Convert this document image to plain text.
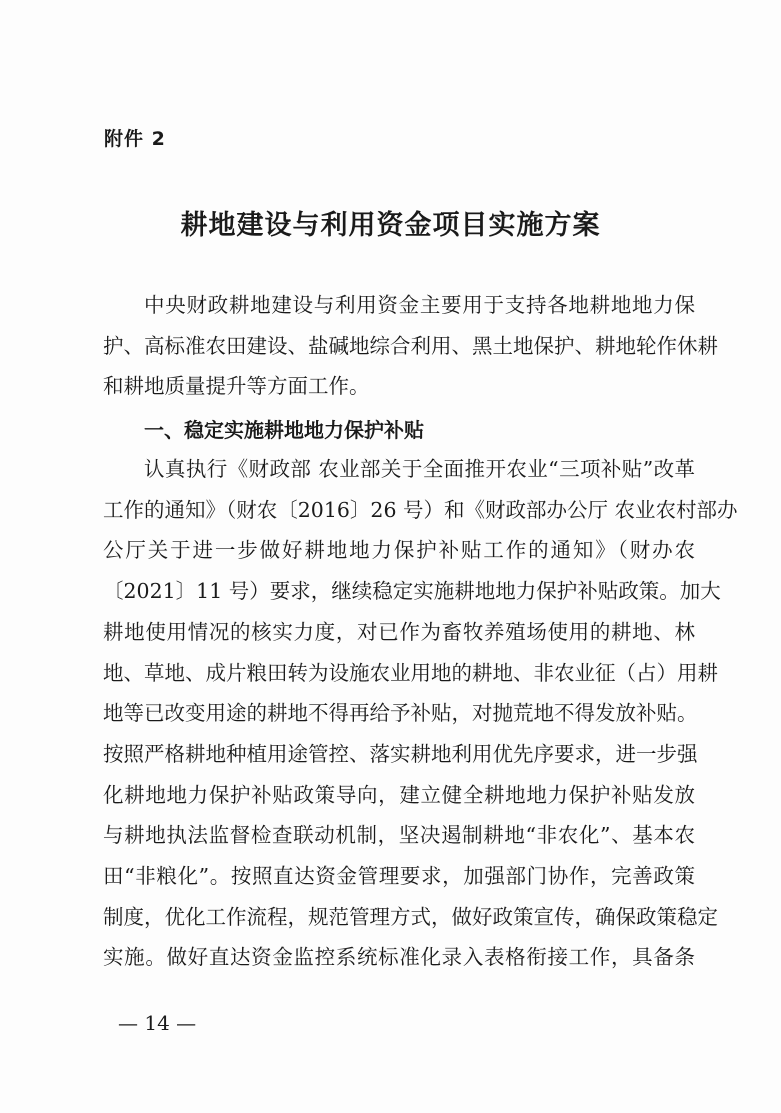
附件 2
耕地建设与利用资金项目实施方案
中央财政耕地建设与利用资金主要用于支持各地耕地地力保
护、高标准农田建设、盐碱地综合利用、黑土地保护、耕地轮作休耕
和耕地质量提升等方面工作。
一、稳定实施耕地地力保护补贴
认真执行《财政部 农业部关于全面推开农业“三项补贴”改革
工作的通知》（财农〔2016〕26 号）和《财政部办公厅 农业农村部办
公厅关于进一步做好耕地地力保护补贴工作的通知》（财办农
〔2021〕11 号）要求，继续稳定实施耕地地力保护补贴政策。加大
耕地使用情况的核实力度，对已作为畜牧养殖场使用的耕地、林
地、草地、成片粮田转为设施农业用地的耕地、非农业征（占）用耕
地等已改变用途的耕地不得再给予补贴，对抛荒地不得发放补贴。
按照严格耕地种植用途管控、落实耕地利用优先序要求，进一步强
化耕地地力保护补贴政策导向，建立健全耕地地力保护补贴发放
与耕地执法监督检查联动机制，坚决遏制耕地“非农化”、基本农
田“非粮化”。按照直达资金管理要求，加强部门协作，完善政策
制度，优化工作流程，规范管理方式，做好政策宣传，确保政策稳定
实施。做好直达资金监控系统标准化录入表格衔接工作，具备条
— 14 —
